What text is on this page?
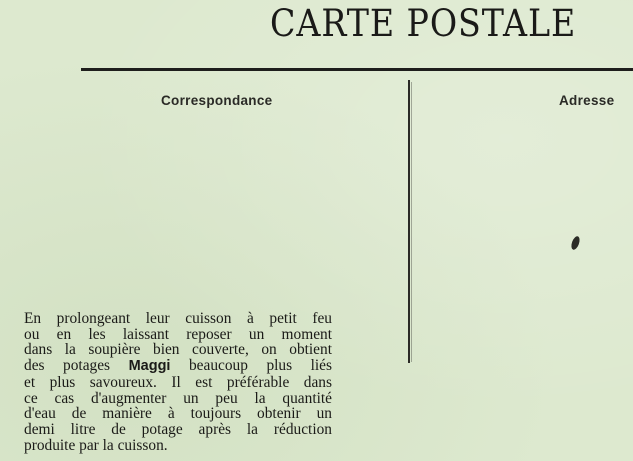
CARTE POSTALE
Correspondance	Adresse
En prolongeant leur cuisson à petit feu
ou en les laissant reposer un moment
dans la soupière bien couverte, on obtient
des potages Maggi beaucoup plus liés
et plus savoureux. Il est préférable dans
ce cas d'augmenter un peu la quantité
d'eau de manière à toujours obtenir un
demi litre de potage après la réduction
produite par la cuisson.
